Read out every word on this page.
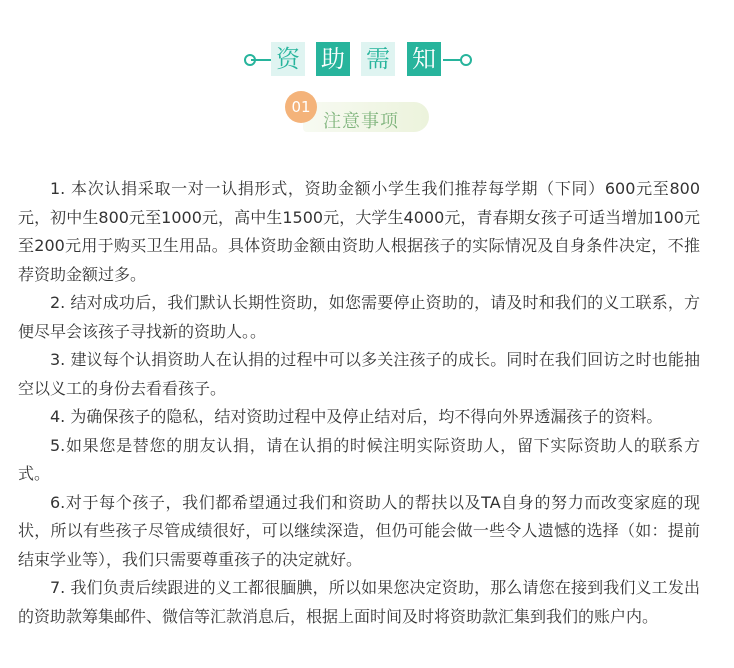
资 助 需 知
01
注意事项

1. 本次认捐采取一对一认捐形式，资助金额小学生我们推荐每学期（下同）600元至800元，初中生800元至1000元，高中生1500元，大学生4000元，青春期女孩子可适当增加100元至200元用于购买卫生用品。具体资助金额由资助人根据孩子的实际情况及自身条件决定，不推荐资助金额过多。

2. 结对成功后，我们默认长期性资助，如您需要停止资助的，请及时和我们的义工联系，方便尽早会该孩子寻找新的资助人。。

3. 建议每个认捐资助人在认捐的过程中可以多关注孩子的成长。同时在我们回访之时也能抽空以义工的身份去看看孩子。

4. 为确保孩子的隐私，结对资助过程中及停止结对后，均不得向外界透漏孩子的资料。

5.如果您是替您的朋友认捐，请在认捐的时候注明实际资助人，留下实际资助人的联系方式。

6.对于每个孩子，我们都希望通过我们和资助人的帮扶以及TA自身的努力而改变家庭的现状，所以有些孩子尽管成绩很好，可以继续深造，但仍可能会做一些令人遗憾的选择（如：提前结束学业等），我们只需要尊重孩子的决定就好。

7. 我们负责后续跟进的义工都很腼腆，所以如果您决定资助，那么请您在接到我们义工发出的资助款筹集邮件、微信等汇款消息后，根据上面时间及时将资助款汇集到我们的账户内。
